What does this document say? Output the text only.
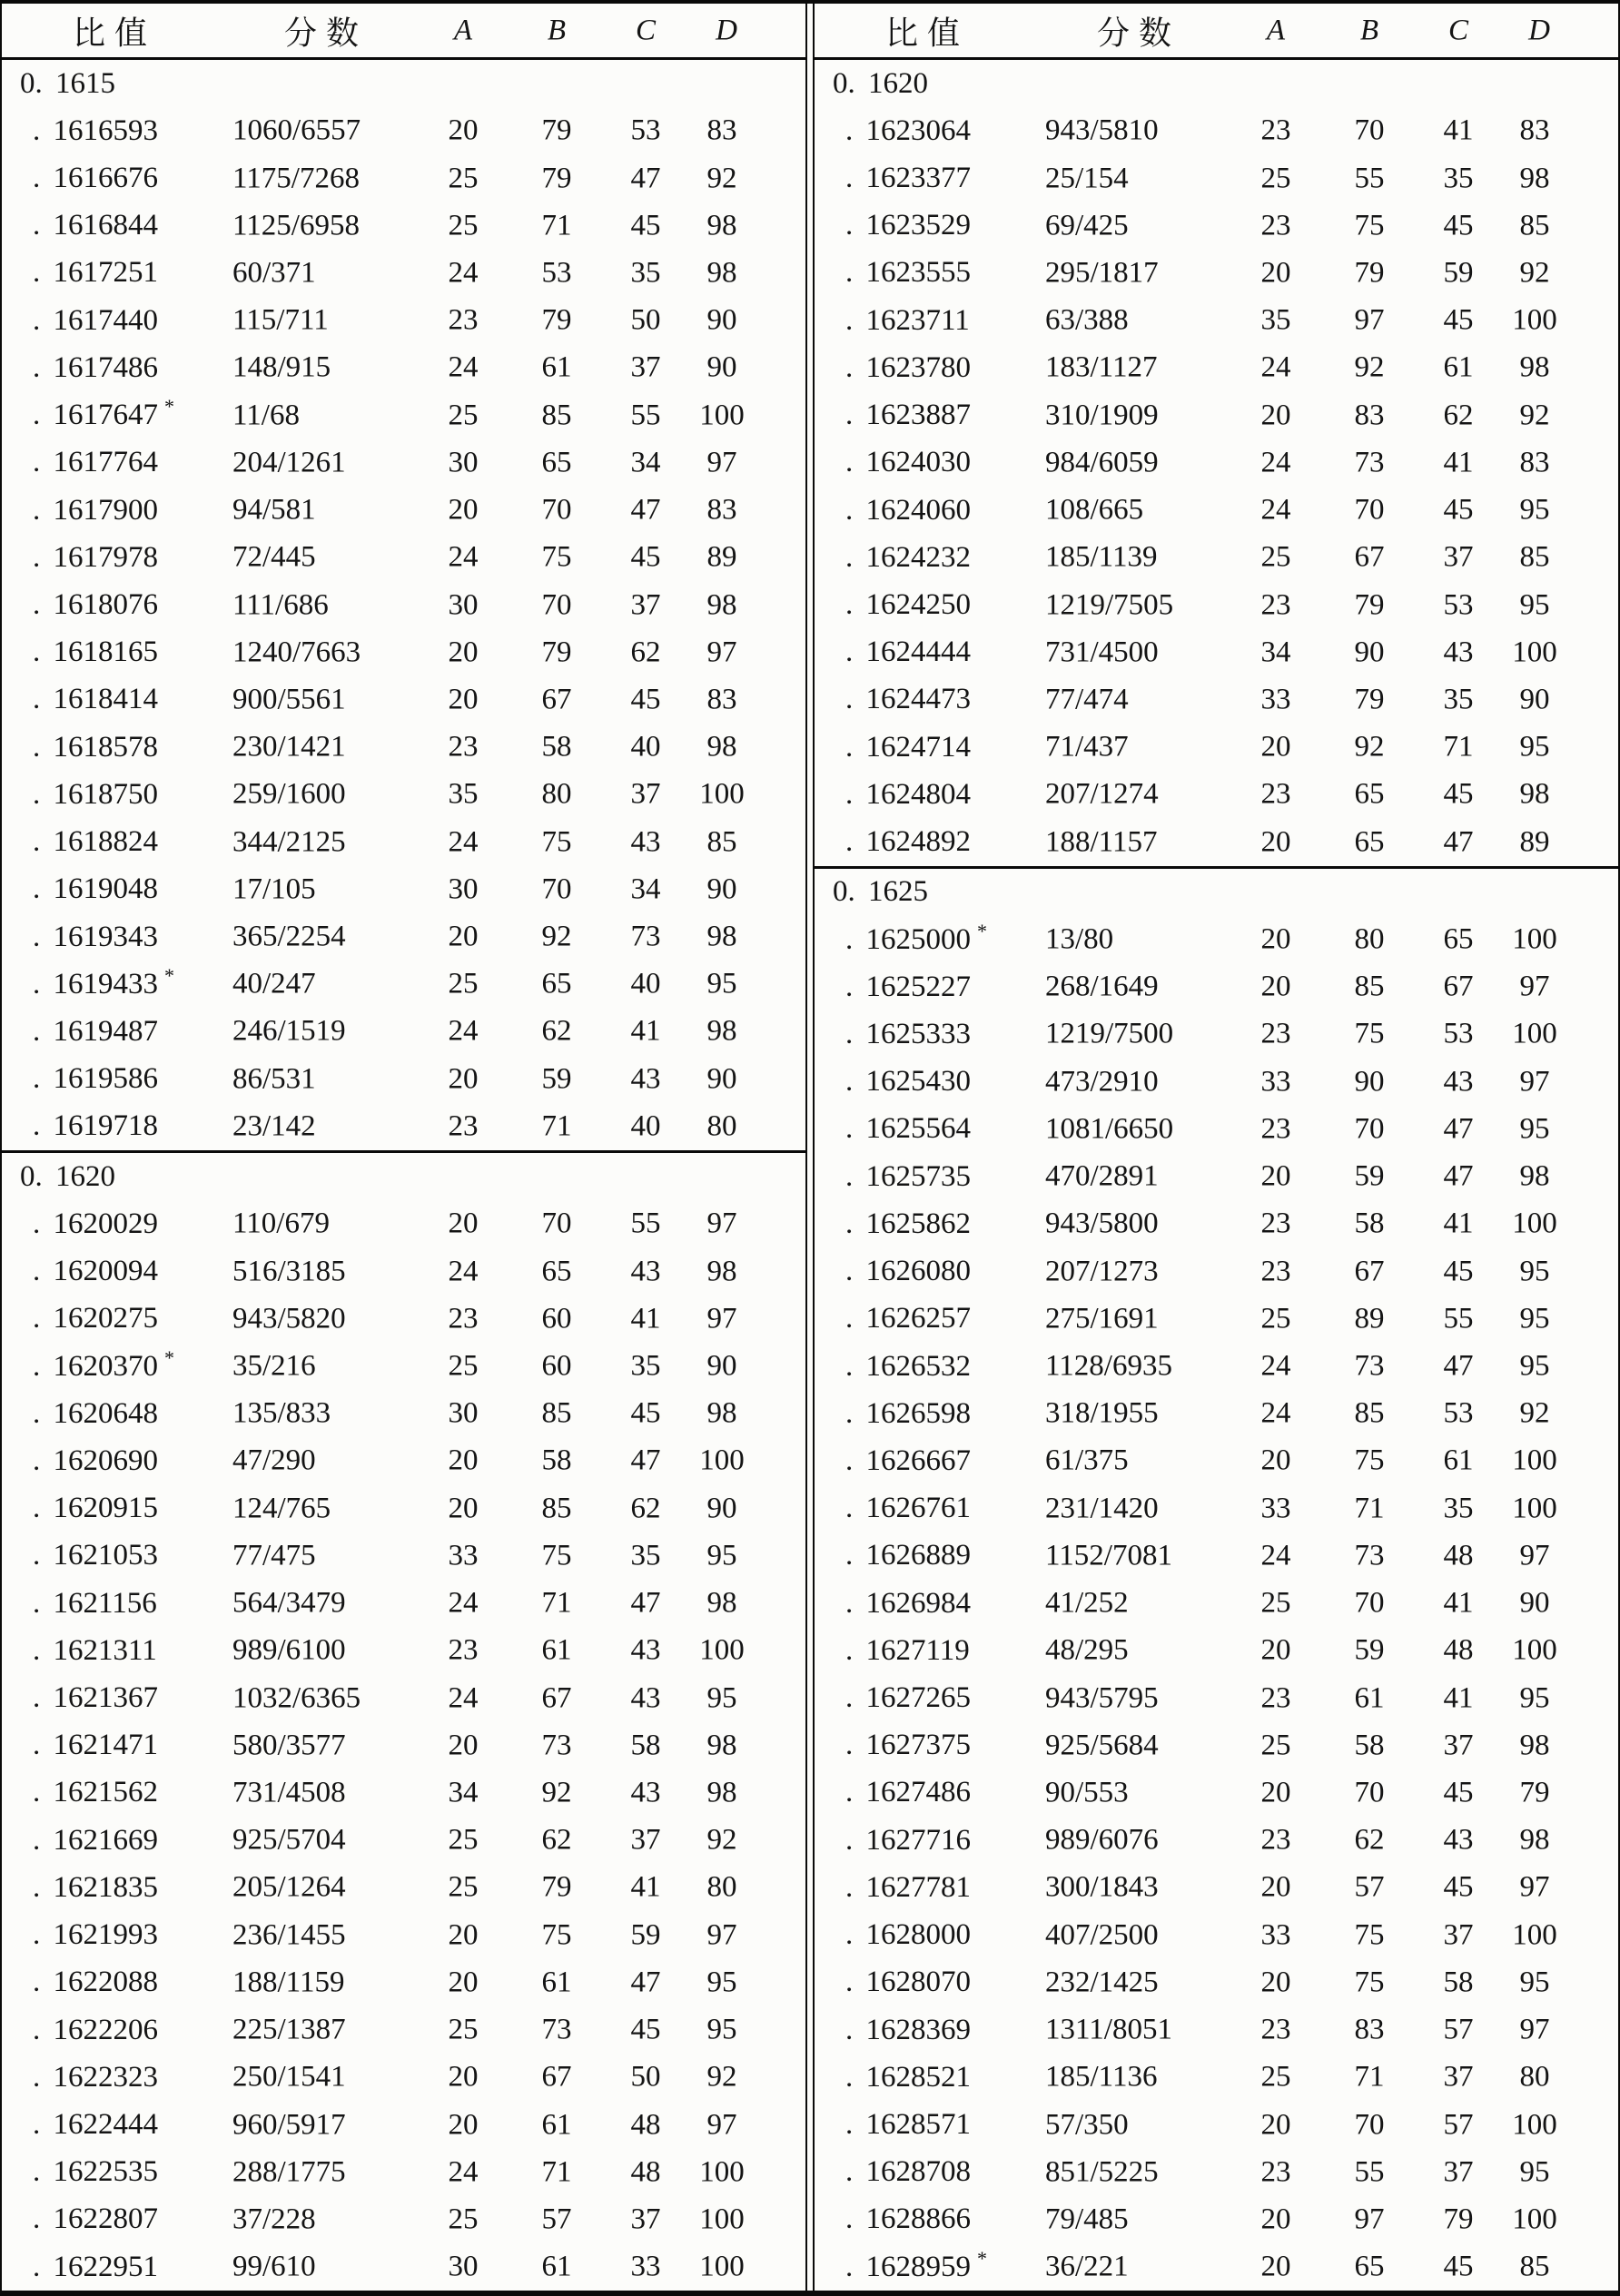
比值	分数	A	B C D
0. 1615
. 1616593 1060/6557	20 79 53 83
. 1616676 1175/7268	25 79 47 92
. 1616844 1125/6958	25 71 45 98
. 1617251 60/371	24 53 35 98
. 1617440 115/711	23 79 50 90
. 1617486 148/915	24 61 37 90
. 1617647 * 11/68	25 85 55 100
. 1617764 204/1261	30 65 34 97
. 1617900 94/581	20 70 47 83
. 1617978 72/445	24 75 45 89
. 1618076 111/686	30 70 37 98
. 1618165 1240/7663	20 79 62 97
. 1618414 900/5561	20 67 45 83
. 1618578 230/1421	23 58 40 98
. 1618750 259/1600	35 80 37 100
. 1618824 344/2125	24 75 43 85
. 1619048 17/105	30 70 34 90
. 1619343 365/2254	20 92 73 98
. 1619433 * 40/247	25 65 40 95
. 1619487 246/1519	24 62 41 98
. 1619586 86/531	20 59 43 90
. 1619718 23/142	23 71 40 80
0. 1620
. 1620029 110/679	20 70 55 97
. 1620094 516/3185	24 65 43 98
. 1620275 943/5820	23 60 41 97
. 1620370 * 35/216	25 60 35 90
. 1620648 135/833	30 85 45 98
. 1620690 47/290	20 58 47 100
. 1620915 124/765	20 85 62 90
. 1621053 77/475	33 75 35 95
. 1621156	564/3479	24 71 47 98
. 1621311	989/6100	23 61 43 100
. 1621367 1032/6365	24 67 43 95
. 1621471 580/3577	20 73 58 98
. 1621562 731/4508	34 92 43 98
. 1621669 925/5704	25 62 37 92
. 1621835 205/1264	25 79 41 80
. 1621993 236/1455	20 75 59 97
. 1622088 188/1159	20 61 47 95
. 1622206 225/1387	25 73 45 95
. 1622323 250/1541	20 67 50 92
. 1622444 960/5917	20 61 48 97
. 1622535 288/1775	24 71 48 100
. 1622807 37/228	25 57 37 100
. 1622951 99/610	30 61 33 100
比值	分数	A	B C D
0. 1620
. 1623064 943/5810	23 70 41 83
. 1623377 25/154	25 55 35 98
. 1623529 69/425	23 75 45 85
. 1623555 295/1817	20 79 59 92
. 1623711	63/388	35 97 45 100
. 1623780 183/1127	24 92 61 98
. 1623887 310/1909	20 83 62 92
. 1624030 984/6059	24 73 41 83
. 1624060 108/665	24 70 45 95
. 1624232 185/1139	25 67 37 85
. 1624250 1219/7505	23 79 53 95
. 1624444 731/4500	34 90 43 100
. 1624473 77/474	33 79 35 90
. 1624714 71/437	20 92 71 95
. 1624804 207/1274	23 65 45 98
. 1624892 188/1157	20 65 47 89
0. 1625
. 1625000 * 13/80	20 80 65 100
. 1625227 268/1649	20 85 67 97
. 1625333 1219/7500	23 75 53 100
. 1625430 473/2910	33 90 43 97
. 1625564 1081/6650	23 70 47 95
. 1625735 470/2891	20 59 47 98
. 1625862 943/5800	23 58 41 100
. 1626080 207/1273	23 67 45 95
. 1626257 275/1691	25 89 55 95
. 1626532 1128/6935	24 73 47 95
. 1626598 318/1955	24 85 53 92
. 1626667 61/375	20 75 61 100
. 1626761 231/1420	33 71 35 100
. 1626889 1152/7081	24 73 48 97
. 1626984 41/252	25 70 41 90
. 1627119	48/295	20 59 48 100
. 1627265 943/5795	23 61 41 95
. 1627375 925/5684	25 58 37 98
. 1627486 90/553	20 70 45 79
. 1627716 989/6076	23 62 43 98
. 1627781 300/1843	20 57 45 97
. 1628000 407/2500	33 75 37 100
. 1628070 232/1425	20 75 58 95
. 1628369 1311/8051	23 83 57 97
. 1628521 185/1136	25 71 37 80
. 1628571 57/350	20 70 57 100
. 1628708 851/5225	23 55 37 95
. 1628866 79/485	20 97 79 100
. 1628959 * 36/221	20 65 45 85
